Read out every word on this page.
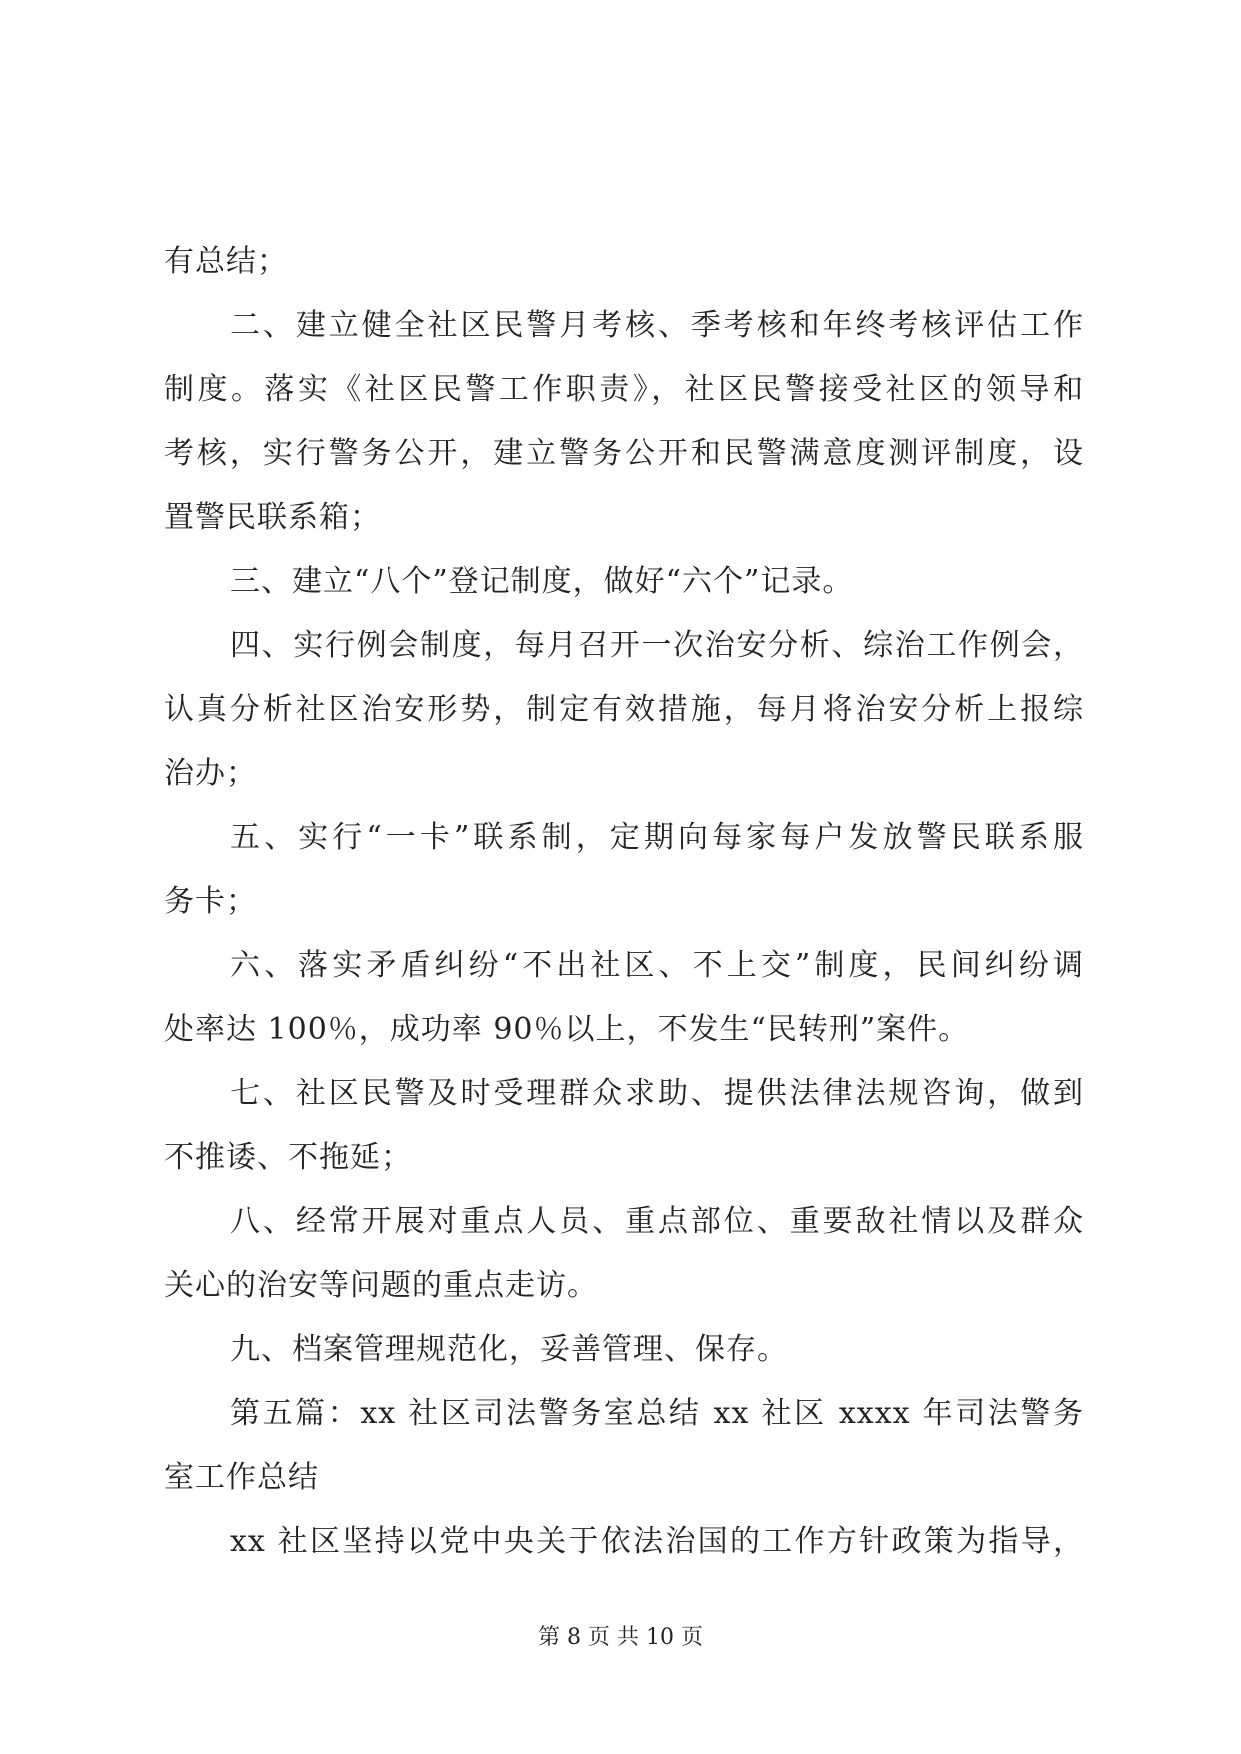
有总结；
二、建立健全社区民警月考核、季考核和年终考核评估工作
制度。落实《社区民警工作职责》，社区民警接受社区的领导和
考核，实行警务公开，建立警务公开和民警满意度测评制度，设
置警民联系箱；
三、建立“八个”登记制度，做好“六个”记录。
四、实行例会制度，每月召开一次治安分析、综治工作例会，
认真分析社区治安形势，制定有效措施，每月将治安分析上报综
治办；
五、实行“一卡”联系制，定期向每家每户发放警民联系服
务卡；
六、落实矛盾纠纷“不出社区、不上交”制度，民间纠纷调
处率达 100％，成功率 90％以上，不发生“民转刑”案件。
七、社区民警及时受理群众求助、提供法律法规咨询，做到
不推诿、不拖延；
八、经常开展对重点人员、重点部位、重要敌社情以及群众
关心的治安等问题的重点走访。
九、档案管理规范化，妥善管理、保存。
第五篇：xx 社区司法警务室总结 xx 社区 xxxx 年司法警务
室工作总结
xx 社区坚持以党中央关于依法治国的工作方针政策为指导，
第 8 页 共 10 页
